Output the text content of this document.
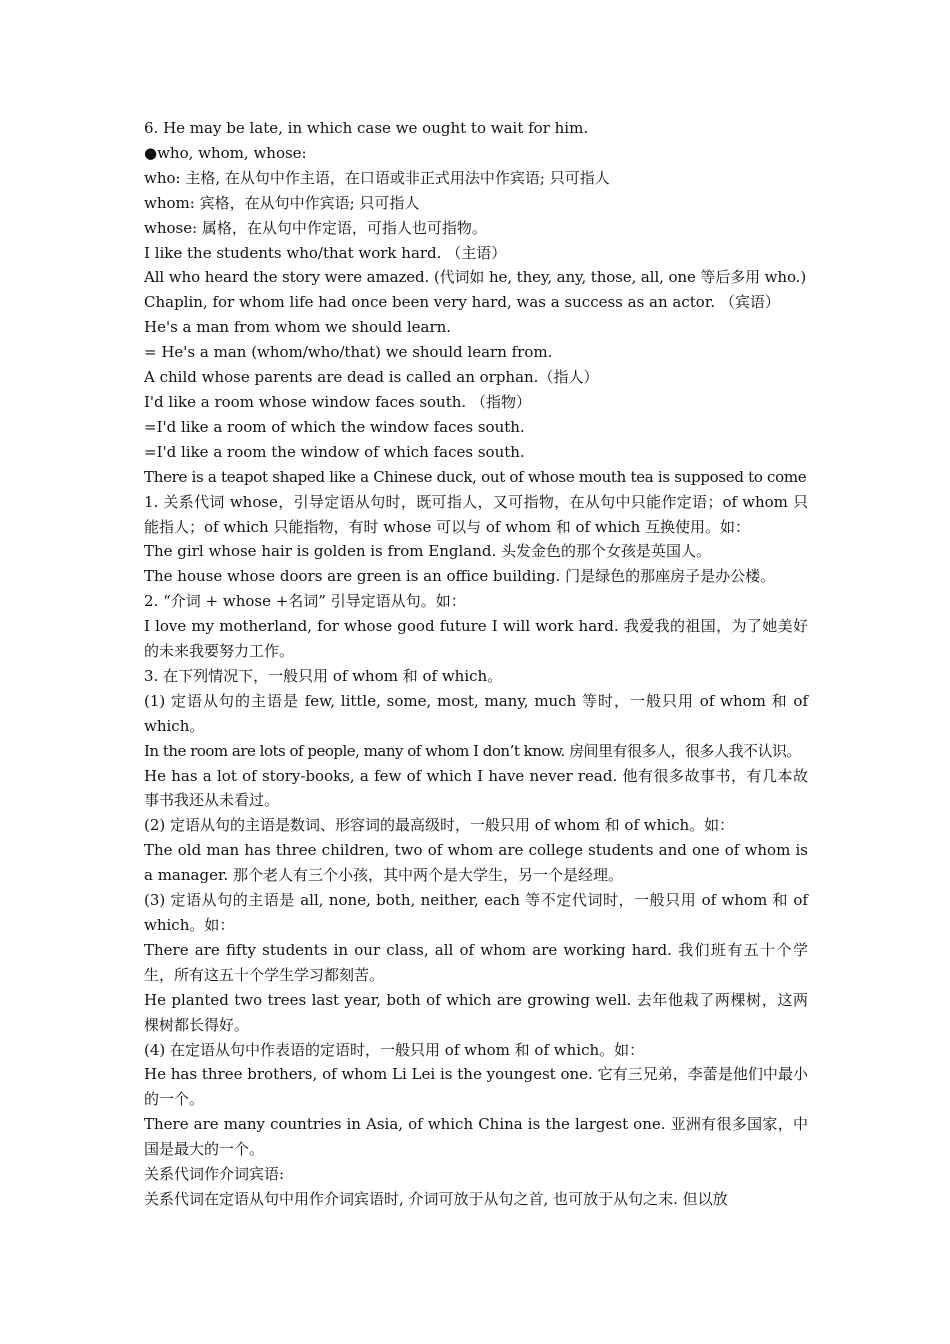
6. He may be late, in which case we ought to wait for him.

●who, whom, whose:

who: 主格, 在从句中作主语，在口语或非正式用法中作宾语; 只可指人

whom: 宾格，在从句中作宾语; 只可指人

whose: 属格，在从句中作定语，可指人也可指物。

I like the students who/that work hard. （主语）

All who heard the story were amazed. (代词如 he, they, any, those, all, one 等后多用 who.)

Chaplin, for whom life had once been very hard, was a success as an actor. （宾语）

He's a man from whom we should learn.

= He's a man (whom/who/that) we should learn from.

A child whose parents are dead is called an orphan.（指人）

I'd like a room whose window faces south. （指物）

=I'd like a room of which the window faces south.

=I'd like a room the window of which faces south.

There is a teapot shaped like a Chinese duck, out of whose mouth tea is supposed to come

1. 关系代词 whose，引导定语从句时，既可指人，又可指物，在从句中只能作定语；of whom 只能指人；of which 只能指物，有时 whose 可以与 of whom 和 of which 互换使用。如：

The girl whose hair is golden is from England. 头发金色的那个女孩是英国人。

The house whose doors are green is an office building. 门是绿色的那座房子是办公楼。

2. “介词 + whose +名词” 引导定语从句。如：

I love my motherland, for whose good future I will work hard. 我爱我的祖国，为了她美好的未来我要努力工作。

3. 在下列情况下，一般只用 of whom 和 of which。

(1) 定语从句的主语是 few, little, some, most, many, much 等时，一般只用 of whom 和 of which。

In the room are lots of people, many of whom I don’t know. 房间里有很多人，很多人我不认识。

He has a lot of story-books, a few of which I have never read. 他有很多故事书，有几本故事书我还从未看过。

(2) 定语从句的主语是数词、形容词的最高级时，一般只用 of whom 和 of which。如：

The old man has three children, two of whom are college students and one of whom is a manager. 那个老人有三个小孩，其中两个是大学生，另一个是经理。

(3) 定语从句的主语是 all, none, both, neither, each 等不定代词时，一般只用 of whom 和 of which。如：

There are fifty students in our class, all of whom are working hard. 我们班有五十个学生，所有这五十个学生学习都刻苦。

He planted two trees last year, both of which are growing well. 去年他栽了两棵树，这两棵树都长得好。

(4) 在定语从句中作表语的定语时，一般只用 of whom 和 of which。如：

He has three brothers, of whom Li Lei is the youngest one. 它有三兄弟，李蕾是他们中最小的一个。

There are many countries in Asia, of which China is the largest one. 亚洲有很多国家，中国是最大的一个。

关系代词作介词宾语:

关系代词在定语从句中用作介词宾语时, 介词可放于从句之首, 也可放于从句之末. 但以放
